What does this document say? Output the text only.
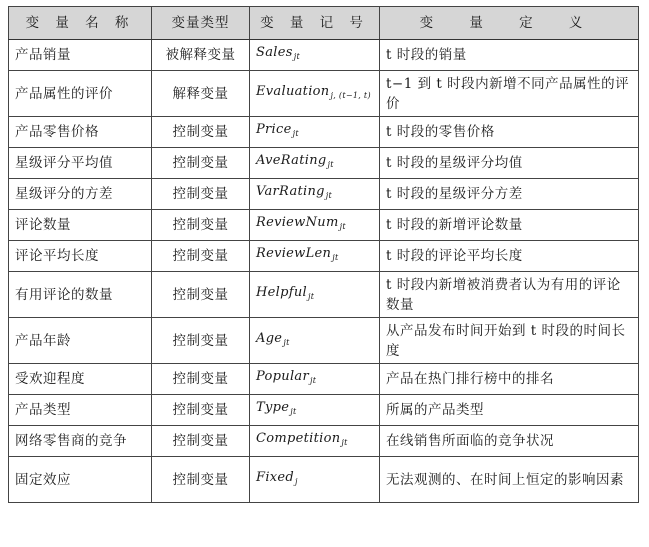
变 量 名 称	变量类型	变 量 记 号	变 量 定 义
产品销量	被解释变量	Sales$_{jt}$	t 时段的销量
产品属性的评价	解释变量	Evaluation$_{j, (t-1, t)}$	t−1 到 t 时段内新增不同产品属性的评价
产品零售价格	控制变量	Price$_{jt}$	t 时段的零售价格
星级评分平均值	控制变量	AveRating$_{jt}$	t 时段的星级评分均值
星级评分的方差	控制变量	VarRating$_{jt}$	t 时段的星级评分方差
评论数量	控制变量	ReviewNum$_{jt}$	t 时段的新增评论数量
评论平均长度	控制变量	ReviewLen$_{jt}$	t 时段的评论平均长度
有用评论的数量	控制变量	Helpful$_{jt}$	t 时段内新增被消费者认为有用的评论数量
产品年龄	控制变量	Age$_{jt}$	从产品发布时间开始到 t 时段的时间长度
受欢迎程度	控制变量	Popular$_{jt}$	产品在热门排行榜中的排名
产品类型	控制变量	Type$_{jt}$	所属的产品类型
网络零售商的竞争	控制变量	Competition$_{jt}$	在线销售所面临的竞争状况
固定效应	控制变量	Fixed$_j$	无法观测的、在时间上恒定的影响因素
